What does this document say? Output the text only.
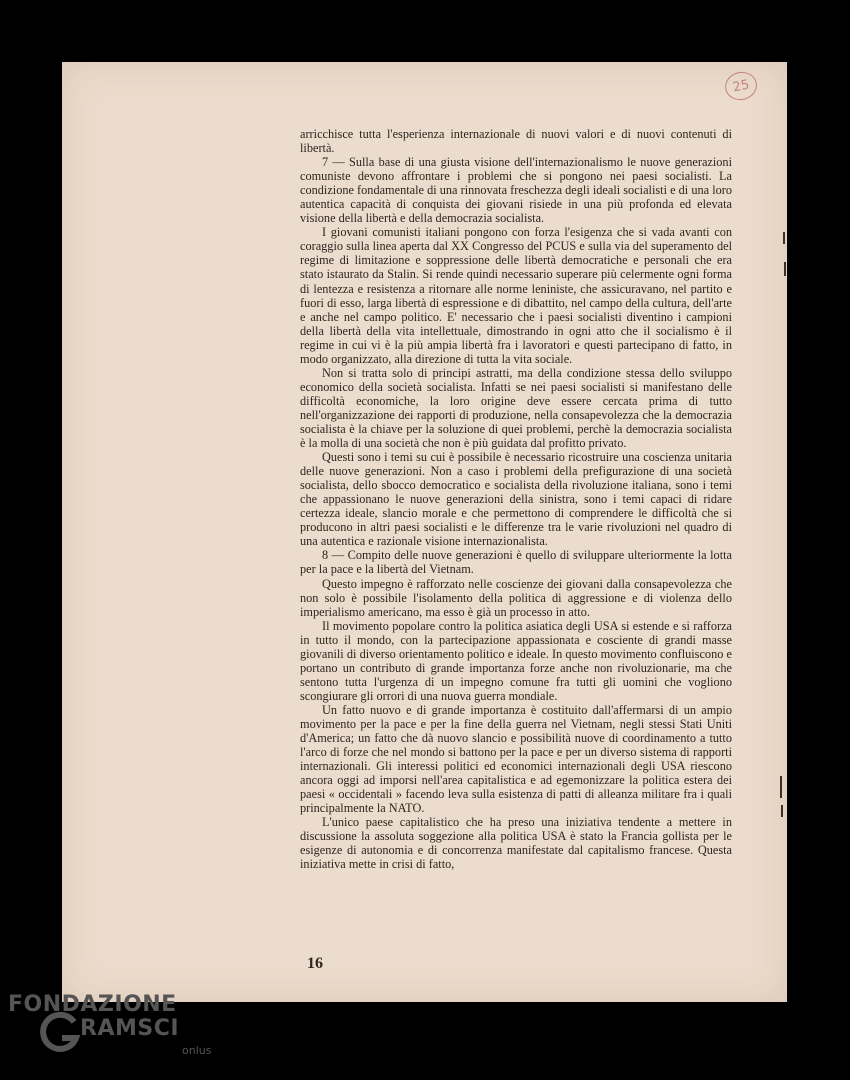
25

arricchisce tutta l'esperienza internazionale di nuovi valori e di nuovi contenuti di libertà.

7 — Sulla base di una giusta visione dell'internazionalismo le nuove generazioni comuniste devono affrontare i problemi che si pongono nei paesi socialisti. La condizione fondamentale di una rinnovata freschezza degli ideali socialisti e di una loro autentica capacità di conquista dei giovani risiede in una più profonda ed elevata visione della libertà e della democrazia socialista.

I giovani comunisti italiani pongono con forza l'esigenza che si vada avanti con coraggio sulla linea aperta dal XX Congresso del PCUS e sulla via del superamento del regime di limitazione e soppressione delle libertà democratiche e personali che era stato istaurato da Stalin. Si rende quindi necessario superare più celermente ogni forma di lentezza e resistenza a ritornare alle norme leniniste, che assicuravano, nel partito e fuori di esso, larga libertà di espressione e di dibattito, nel campo della cultura, dell'arte e anche nel campo politico. E' necessario che i paesi socialisti diventino i campioni della libertà della vita intellettuale, dimostrando in ogni atto che il socialismo è il regime in cui vi è la più ampia libertà fra i lavoratori e questi partecipano di fatto, in modo organizzato, alla direzione di tutta la vita sociale.

Non si tratta solo di principi astratti, ma della condizione stessa dello sviluppo economico della società socialista. Infatti se nei paesi socialisti si manifestano delle difficoltà economiche, la loro origine deve essere cercata prima di tutto nell'organizzazione dei rapporti di produzione, nella consapevolezza che la democrazia socialista è la chiave per la soluzione di quei problemi, perchè la democrazia socialista è la molla di una società che non è più guidata dal profitto privato.

Questi sono i temi su cui è possibile è necessario ricostruire una coscienza unitaria delle nuove generazioni. Non a caso i problemi della prefigurazione di una società socialista, dello sbocco democratico e socialista della rivoluzione italiana, sono i temi che appassionano le nuove generazioni della sinistra, sono i temi capaci di ridare certezza ideale, slancio morale e che permettono di comprendere le difficoltà che si producono in altri paesi socialisti e le differenze tra le varie rivoluzioni nel quadro di una autentica e razionale visione internazionalista.

8 — Compito delle nuove generazioni è quello di sviluppare ulteriormente la lotta per la pace e la libertà del Vietnam.

Questo impegno è rafforzato nelle coscienze dei giovani dalla consapevolezza che non solo è possibile l'isolamento della politica di aggressione e di violenza dello imperialismo americano, ma esso è già un processo in atto.

Il movimento popolare contro la politica asiatica degli USA si estende e si rafforza in tutto il mondo, con la partecipazione appassionata e cosciente di grandi masse giovanili di diverso orientamento politico e ideale. In questo movimento confluiscono e portano un contributo di grande importanza forze anche non rivoluzionarie, ma che sentono tutta l'urgenza di un impegno comune fra tutti gli uomini che vogliono scongiurare gli orrori di una nuova guerra mondiale.

Un fatto nuovo e di grande importanza è costituito dall'affermarsi di un ampio movimento per la pace e per la fine della guerra nel Vietnam, negli stessi Stati Uniti d'America; un fatto che dà nuovo slancio e possibilità nuove di coordinamento a tutto l'arco di forze che nel mondo si battono per la pace e per un diverso sistema di rapporti internazionali. Gli interessi politici ed economici internazionali degli USA riescono ancora oggi ad imporsi nell'area capitalistica e ad egemonizzare la politica estera dei paesi « occidentali » facendo leva sulla esistenza di patti di alleanza militare fra i quali principalmente la NATO.

L'unico paese capitalistico che ha preso una iniziativa tendente a mettere in discussione la assoluta soggezione alla politica USA è stato la Francia gollista per le esigenze di autonomia e di concorrenza manifestate dal capitalismo francese. Questa iniziativa mette in crisi di fatto,

16
FONDAZIONE
RAMSCI
onlus
